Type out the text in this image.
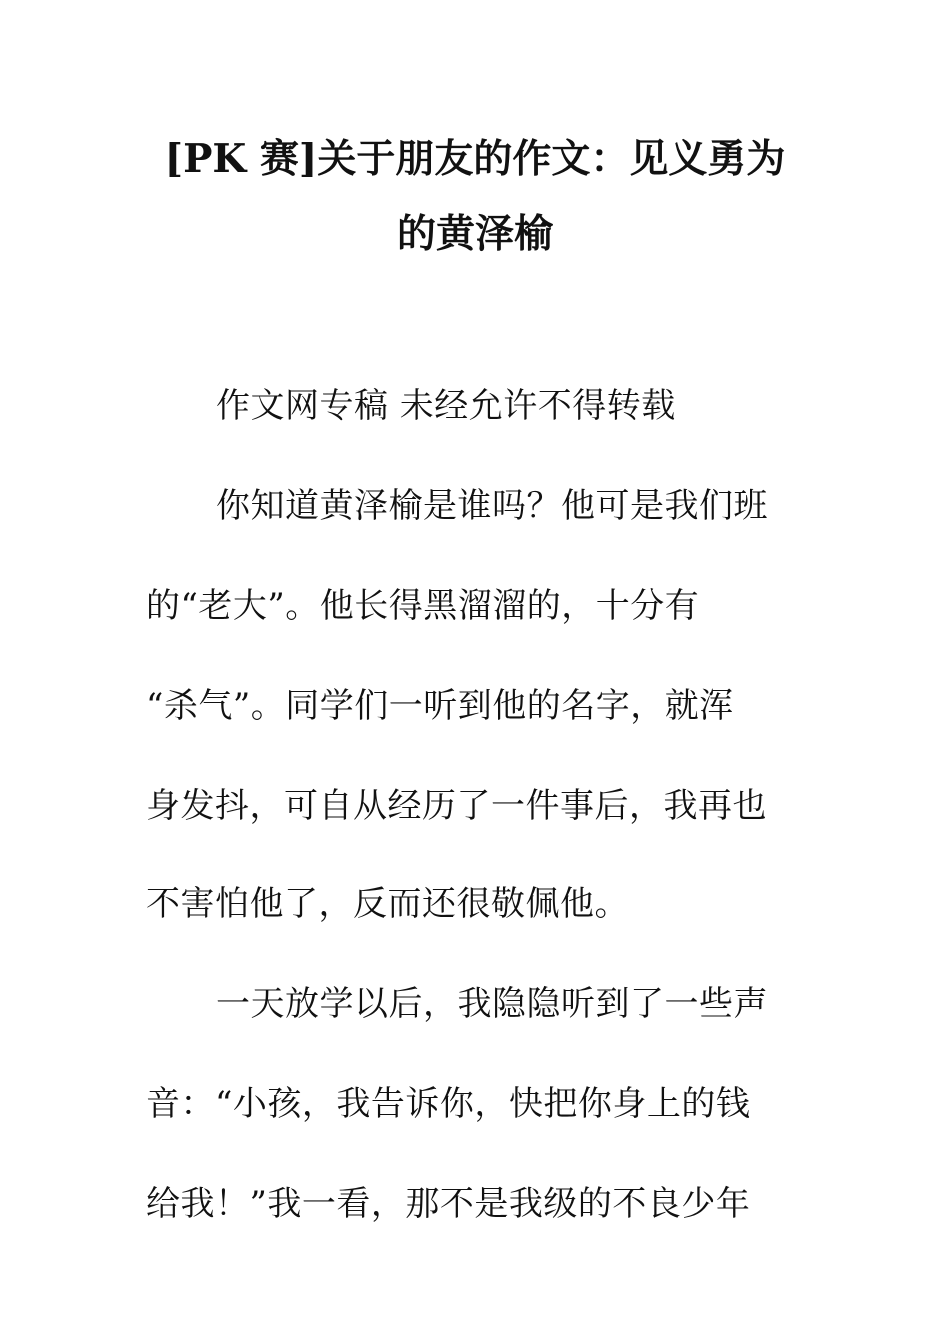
[PK 赛]关于朋友的作文：见义勇为
的黄泽榆
作文网专稿 未经允许不得转载
你知道黄泽榆是谁吗？他可是我们班
的“老大”。他长得黑溜溜的，十分有
“杀气”。同学们一听到他的名字，就浑
身发抖，可自从经历了一件事后，我再也
不害怕他了，反而还很敬佩他。
一天放学以后，我隐隐听到了一些声
音：“小孩，我告诉你，快把你身上的钱
给我！”我一看，那不是我级的不良少年
